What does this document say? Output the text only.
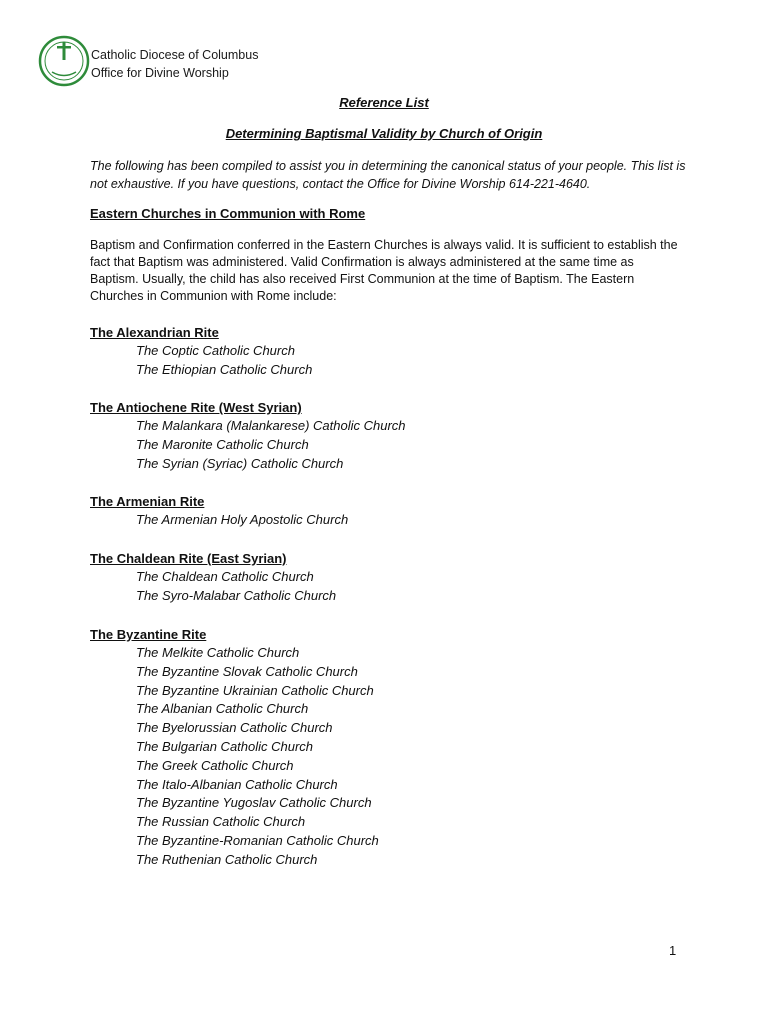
Catholic Diocese of Columbus
Office for Divine Worship
Reference List
Determining Baptismal Validity by Church of Origin
The following has been compiled to assist you in determining the canonical status of your people. This list is not exhaustive. If you have questions, contact the Office for Divine Worship 614-221-4640.
Eastern Churches in Communion with Rome
Baptism and Confirmation conferred in the Eastern Churches is always valid. It is sufficient to establish the fact that Baptism was administered. Valid Confirmation is always administered at the same time as Baptism. Usually, the child has also received First Communion at the time of Baptism. The Eastern Churches in Communion with Rome include:
The Alexandrian Rite
The Coptic Catholic Church
The Ethiopian Catholic Church
The Antiochene Rite (West Syrian)
The Malankara (Malankarese) Catholic Church
The Maronite Catholic Church
The Syrian (Syriac) Catholic Church
The Armenian Rite
The Armenian Holy Apostolic Church
The Chaldean Rite (East Syrian)
The Chaldean Catholic Church
The Syro-Malabar Catholic Church
The Byzantine Rite
The Melkite Catholic Church
The Byzantine Slovak Catholic Church
The Byzantine Ukrainian Catholic Church
The Albanian Catholic Church
The Byelorussian Catholic Church
The Bulgarian Catholic Church
The Greek Catholic Church
The Italo-Albanian Catholic Church
The Byzantine Yugoslav Catholic Church
The Russian Catholic Church
The Byzantine-Romanian Catholic Church
The Ruthenian Catholic Church
1
